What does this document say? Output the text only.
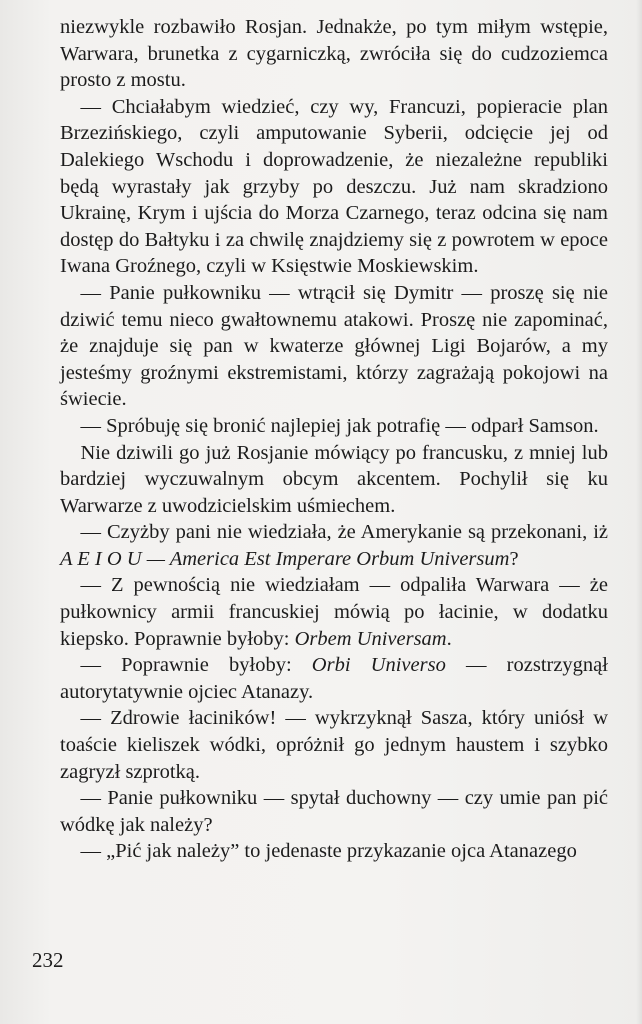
niezwykle rozbawiło Rosjan. Jednakże, po tym miłym wstępie, Warwara, brunetka z cygarniczką, zwróciła się do cudzoziemca prosto z mostu.

— Chciałabym wiedzieć, czy wy, Francuzi, popieracie plan Brzezińskiego, czyli amputowanie Syberii, odcięcie jej od Dalekiego Wschodu i doprowadzenie, że niezależne republiki będą wyrastały jak grzyby po deszczu. Już nam skradziono Ukrainę, Krym i ujścia do Morza Czarnego, teraz odcina się nam dostęp do Bałtyku i za chwilę znajdziemy się z powrotem w epoce Iwana Groźnego, czyli w Księstwie Moskiewskim.

— Panie pułkowniku — wtrącił się Dymitr — proszę się nie dziwić temu nieco gwałtownemu atakowi. Proszę nie zapominać, że znajduje się pan w kwaterze głównej Ligi Bojarów, a my jesteśmy groźnymi ekstremistami, którzy zagrażają pokojowi na świecie.

— Spróbuję się bronić najlepiej jak potrafię — odparł Samson.

Nie dziwili go już Rosjanie mówiący po francusku, z mniej lub bardziej wyczuwalnym obcym akcentem. Pochylił się ku Warwarze z uwodzicielskim uśmiechem.

— Czyżby pani nie wiedziała, że Amerykanie są przekonani, iż A E I O U — America Est Imperare Orbum Universum?

— Z pewnością nie wiedziałam — odpaliła Warwara — że pułkownicy armii francuskiej mówią po łacinie, w dodatku kiepsko. Poprawnie byłoby: Orbem Universam.

— Poprawnie byłoby: Orbi Universo — rozstrzygnął autorytatywnie ojciec Atanazy.

— Zdrowie łaciników! — wykrzyknął Sasza, który uniósł w toaście kieliszek wódki, opróżnił go jednym haustem i szybko zagryzł szprotką.

— Panie pułkowniku — spytał duchowny — czy umie pan pić wódkę jak należy?

— „Pić jak należy” to jedenaste przykazanie ojca Atanazego

232
